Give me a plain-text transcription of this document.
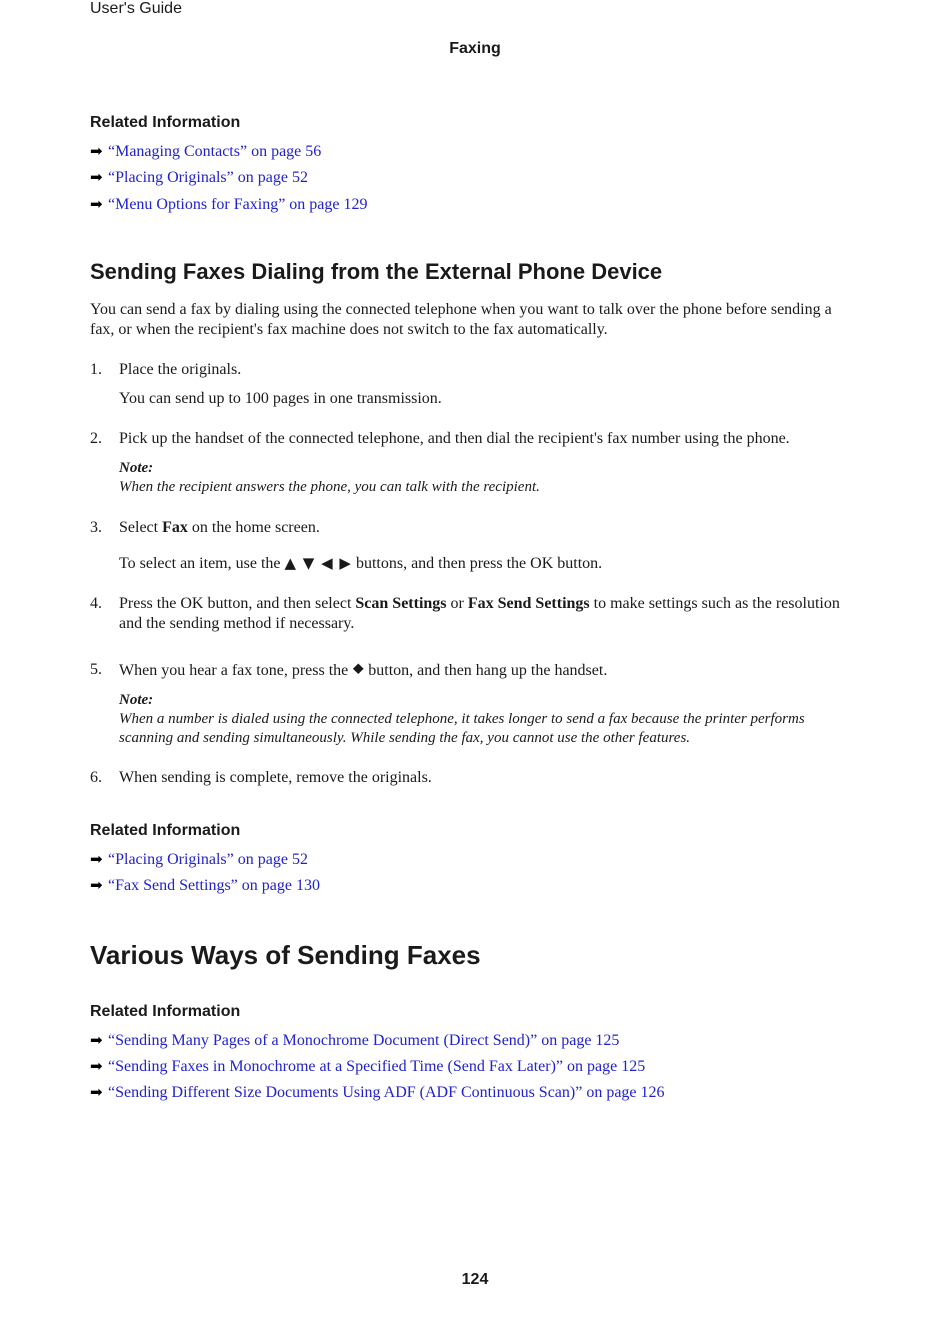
User's Guide
Faxing
Related Information
➡ “Managing Contacts” on page 56
➡ “Placing Originals” on page 52
➡ “Menu Options for Faxing” on page 129
Sending Faxes Dialing from the External Phone Device
You can send a fax by dialing using the connected telephone when you want to talk over the phone before sending a fax, or when the recipient's fax machine does not switch to the fax automatically.
1. Place the originals.
You can send up to 100 pages in one transmission.
2. Pick up the handset of the connected telephone, and then dial the recipient's fax number using the phone.
Note:
When the recipient answers the phone, you can talk with the recipient.
3. Select Fax on the home screen.
To select an item, use the ▲ ▼ ◀ ▶ buttons, and then press the OK button.
4. Press the OK button, and then select Scan Settings or Fax Send Settings to make settings such as the resolution and the sending method if necessary.
5. When you hear a fax tone, press the ⯁ button, and then hang up the handset.
Note:
When a number is dialed using the connected telephone, it takes longer to send a fax because the printer performs scanning and sending simultaneously. While sending the fax, you cannot use the other features.
6. When sending is complete, remove the originals.
Related Information
➡ “Placing Originals” on page 52
➡ “Fax Send Settings” on page 130
Various Ways of Sending Faxes
Related Information
➡ “Sending Many Pages of a Monochrome Document (Direct Send)” on page 125
➡ “Sending Faxes in Monochrome at a Specified Time (Send Fax Later)” on page 125
➡ “Sending Different Size Documents Using ADF (ADF Continuous Scan)” on page 126
124
